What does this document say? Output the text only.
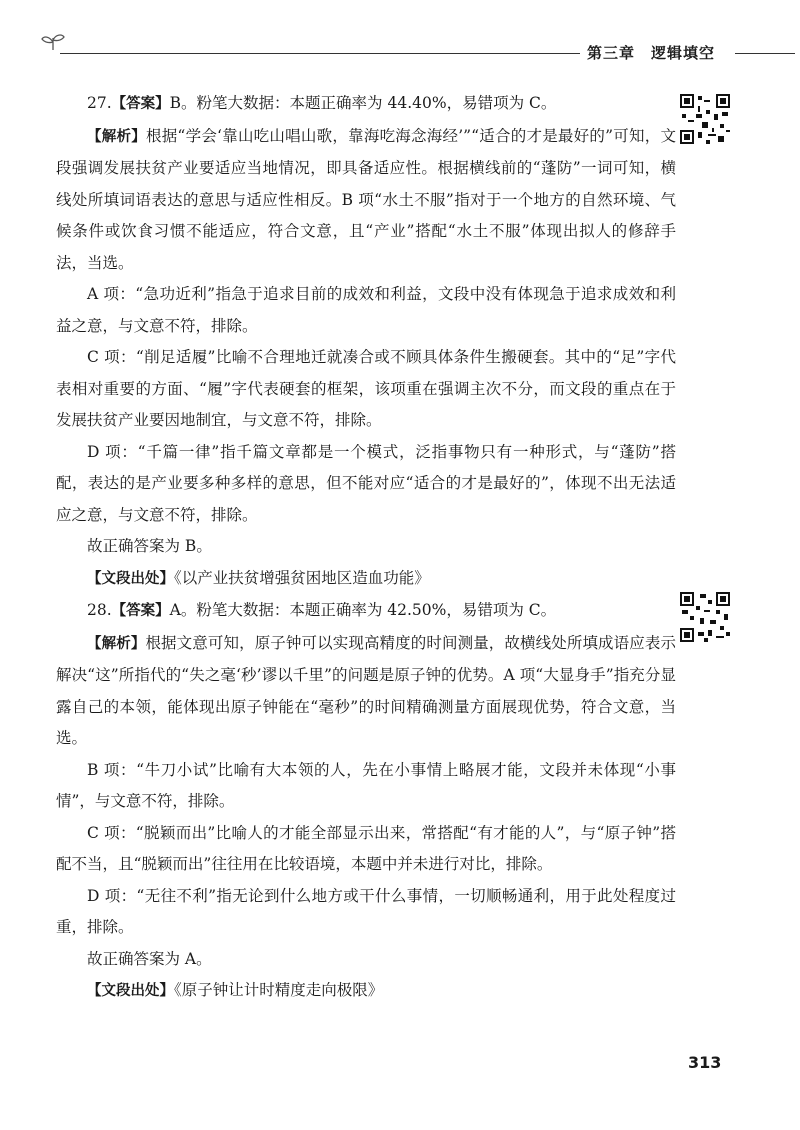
第三章　逻辑填空

27.【答案】B。粉笔大数据：本题正确率为 44.40%，易错项为 C。

【解析】根据“学会‘靠山吃山唱山歌，靠海吃海念海经’”“适合的才是最好的”可知，文段强调发展扶贫产业要适应当地情况，即具备适应性。根据横线前的“蓬防”一词可知，横线处所填词语表达的意思与适应性相反。B 项“水土不服”指对于一个地方的自然环境、气候条件或饮食习惯不能适应，符合文意，且“产业”搭配“水土不服”体现出拟人的修辞手法，当选。

A 项：“急功近利”指急于追求目前的成效和利益，文段中没有体现急于追求成效和利益之意，与文意不符，排除。

C 项：“削足适履”比喻不合理地迁就凑合或不顾具体条件生搬硬套。其中的“足”字代表相对重要的方面、“履”字代表硬套的框架，该项重在强调主次不分，而文段的重点在于发展扶贫产业要因地制宜，与文意不符，排除。

D 项：“千篇一律”指千篇文章都是一个模式，泛指事物只有一种形式，与“蓬防”搭配，表达的是产业要多种多样的意思，但不能对应“适合的才是最好的”，体现不出无法适应之意，与文意不符，排除。

故正确答案为 B。

【文段出处】《以产业扶贫增强贫困地区造血功能》

28.【答案】A。粉笔大数据：本题正确率为 42.50%，易错项为 C。

【解析】根据文意可知，原子钟可以实现高精度的时间测量，故横线处所填成语应表示解决“这”所指代的“失之毫‘秒’谬以千里”的问题是原子钟的优势。A 项“大显身手”指充分显露自己的本领，能体现出原子钟能在“毫秒”的时间精确测量方面展现优势，符合文意，当选。

B 项：“牛刀小试”比喻有大本领的人，先在小事情上略展才能，文段并未体现“小事情”，与文意不符，排除。

C 项：“脱颖而出”比喻人的才能全部显示出来，常搭配“有才能的人”，与“原子钟”搭配不当，且“脱颖而出”往往用在比较语境，本题中并未进行对比，排除。

D 项：“无往不利”指无论到什么地方或干什么事情，一切顺畅通利，用于此处程度过重，排除。

故正确答案为 A。

【文段出处】《原子钟让计时精度走向极限》

313
